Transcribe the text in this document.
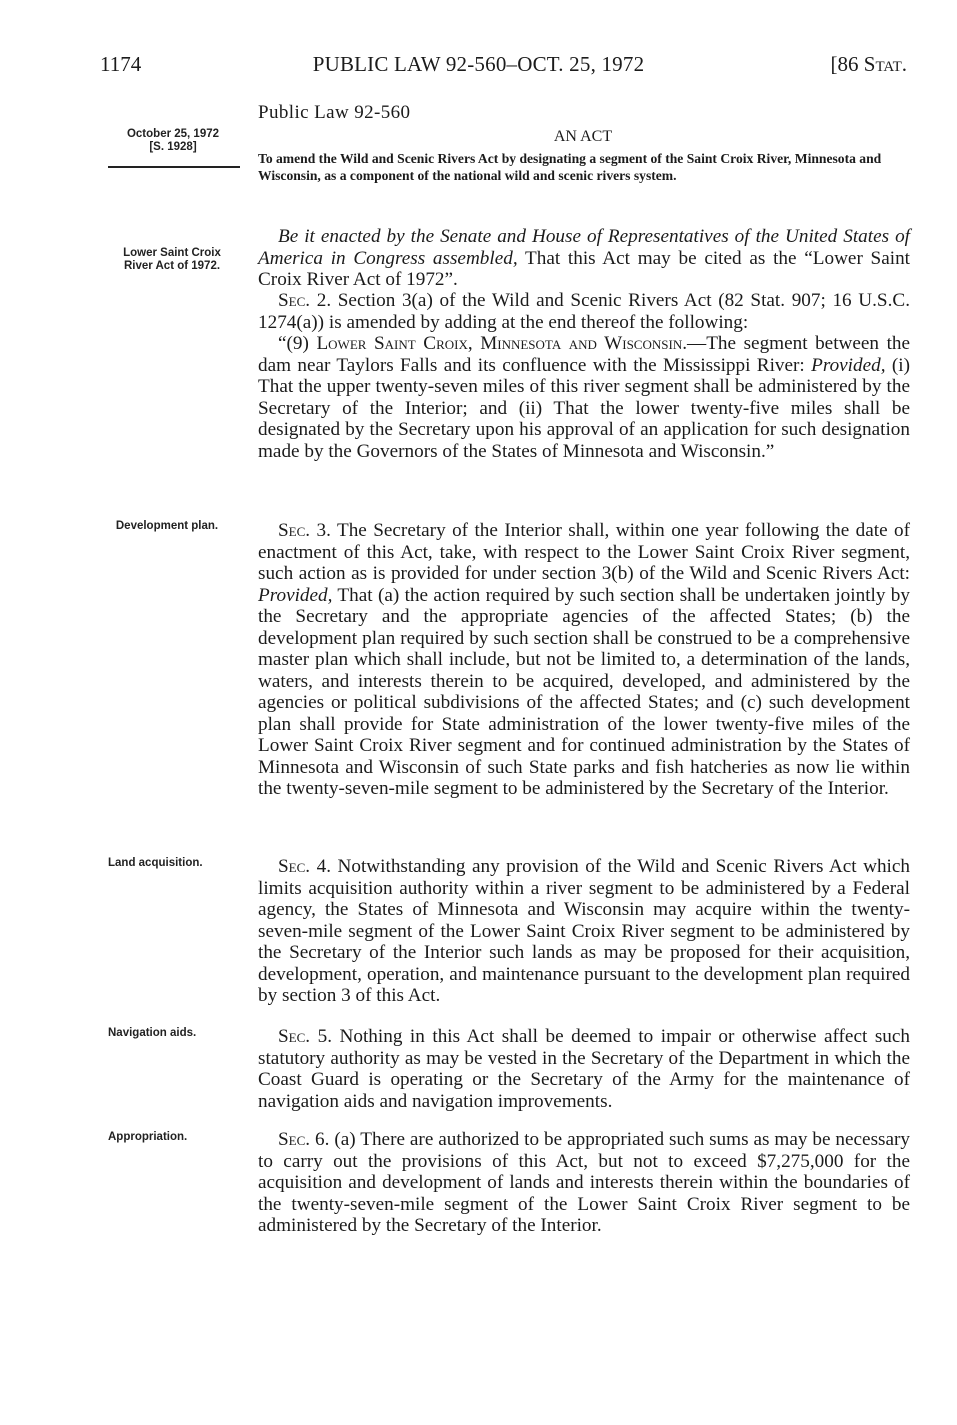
1174	PUBLIC LAW 92-560–OCT. 25, 1972	[86 Stat.
October 25, 1972
[S. 1928]
Lower Saint Croix River Act of 1972.
Development plan.
Land acquisition.
Navigation aids.
Appropriation.
Public Law 92-560
AN ACT
To amend the Wild and Scenic Rivers Act by designating a segment of the Saint Croix River, Minnesota and Wisconsin, as a component of the national wild and scenic rivers system.

Be it enacted by the Senate and House of Representatives of the United States of America in Congress assembled, That this Act may be cited as the “Lower Saint Croix River Act of 1972”.

Sec. 2. Section 3(a) of the Wild and Scenic Rivers Act (82 Stat. 907; 16 U.S.C. 1274(a)) is amended by adding at the end thereof the following:

“(9) Lower Saint Croix, Minnesota and Wisconsin.—The segment between the dam near Taylors Falls and its confluence with the Mississippi River: Provided, (i) That the upper twenty-seven miles of this river segment shall be administered by the Secretary of the Interior; and (ii) That the lower twenty-five miles shall be designated by the Secretary upon his approval of an application for such designation made by the Governors of the States of Minnesota and Wisconsin.”

Sec. 3. The Secretary of the Interior shall, within one year following the date of enactment of this Act, take, with respect to the Lower Saint Croix River segment, such action as is provided for under section 3(b) of the Wild and Scenic Rivers Act: Provided, That (a) the action required by such section shall be undertaken jointly by the Secretary and the appropriate agencies of the affected States; (b) the development plan required by such section shall be construed to be a comprehensive master plan which shall include, but not be limited to, a determination of the lands, waters, and interests therein to be acquired, developed, and administered by the agencies or political subdivisions of the affected States; and (c) such development plan shall provide for State administration of the lower twenty-five miles of the Lower Saint Croix River segment and for continued administration by the States of Minnesota and Wisconsin of such State parks and fish hatcheries as now lie within the twenty-seven-mile segment to be administered by the Secretary of the Interior.

Sec. 4. Notwithstanding any provision of the Wild and Scenic Rivers Act which limits acquisition authority within a river segment to be administered by a Federal agency, the States of Minnesota and Wisconsin may acquire within the twenty-seven-mile segment of the Lower Saint Croix River segment to be administered by the Secretary of the Interior such lands as may be proposed for their acquisition, development, operation, and maintenance pursuant to the development plan required by section 3 of this Act.

Sec. 5. Nothing in this Act shall be deemed to impair or otherwise affect such statutory authority as may be vested in the Secretary of the Department in which the Coast Guard is operating or the Secretary of the Army for the maintenance of navigation aids and navigation improvements.

Sec. 6. (a) There are authorized to be appropriated such sums as may be necessary to carry out the provisions of this Act, but not to exceed $7,275,000 for the acquisition and development of lands and interests therein within the boundaries of the twenty-seven-mile segment of the Lower Saint Croix River segment to be administered by the Secretary of the Interior.
